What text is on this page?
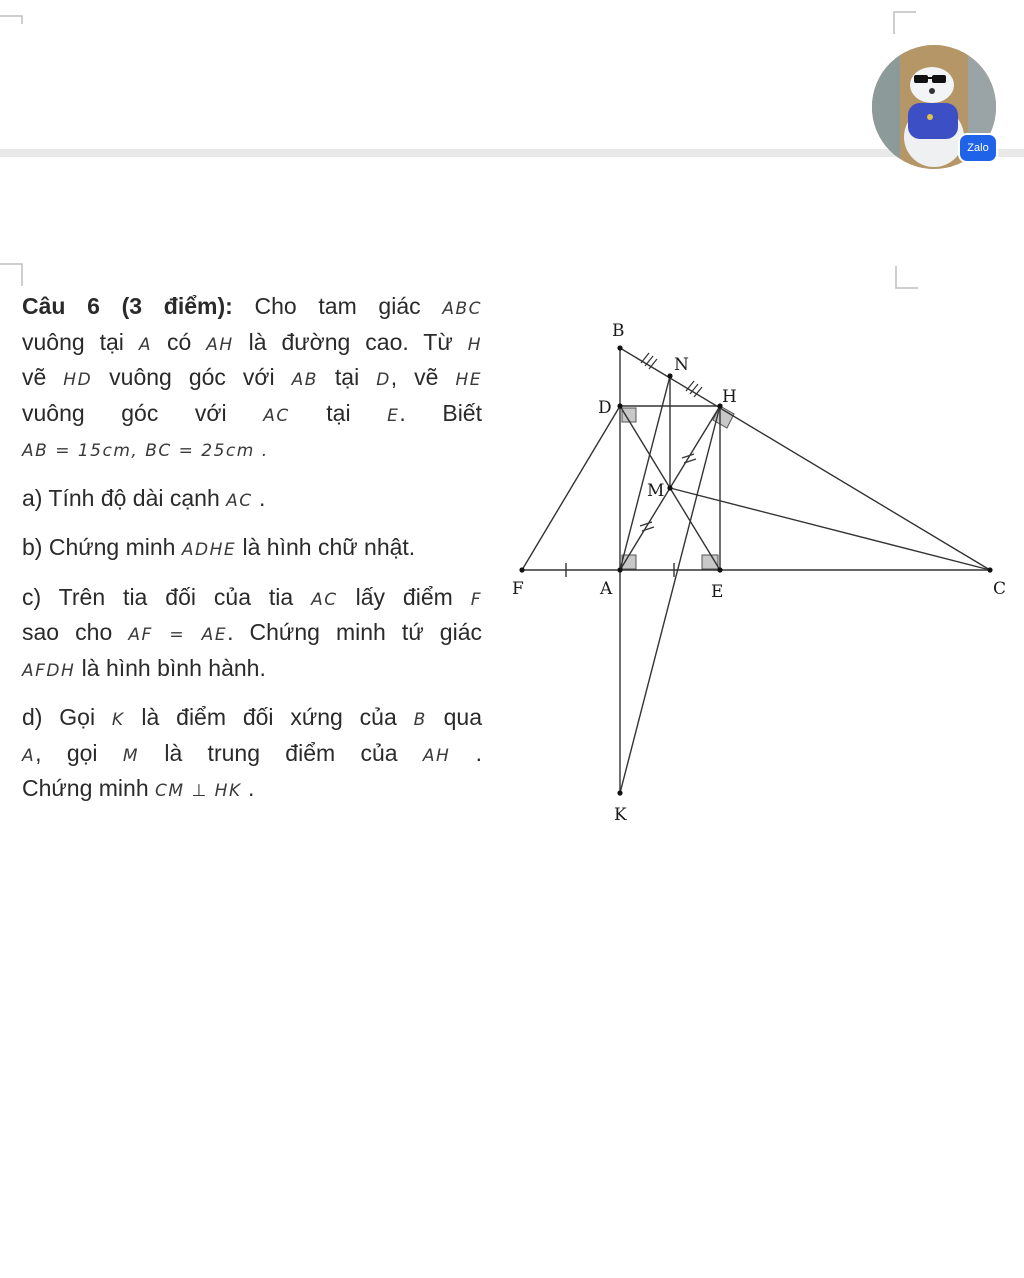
Zalo

Câu 6 (3 điểm): Cho tam giác ABC

vuông tại A có AH là đường cao. Từ H

vẽ HD vuông góc với AB tại D, vẽ HE

vuông góc với AC tại E. Biết

AB = 15cm, BC = 25cm .

a) Tính độ dài cạnh AC .

b) Chứng minh ADHE là hình chữ nhật.

c) Trên tia đối của tia AC lấy điểm F

sao cho AF = AE. Chứng minh tứ giác

AFDH là hình bình hành.

d) Gọi K là điểm đối xứng của B qua

A, gọi M là trung điểm của AH .

Chứng minh CM ⊥ HK .

B
N
D
H
M
F	A	E	C
K
